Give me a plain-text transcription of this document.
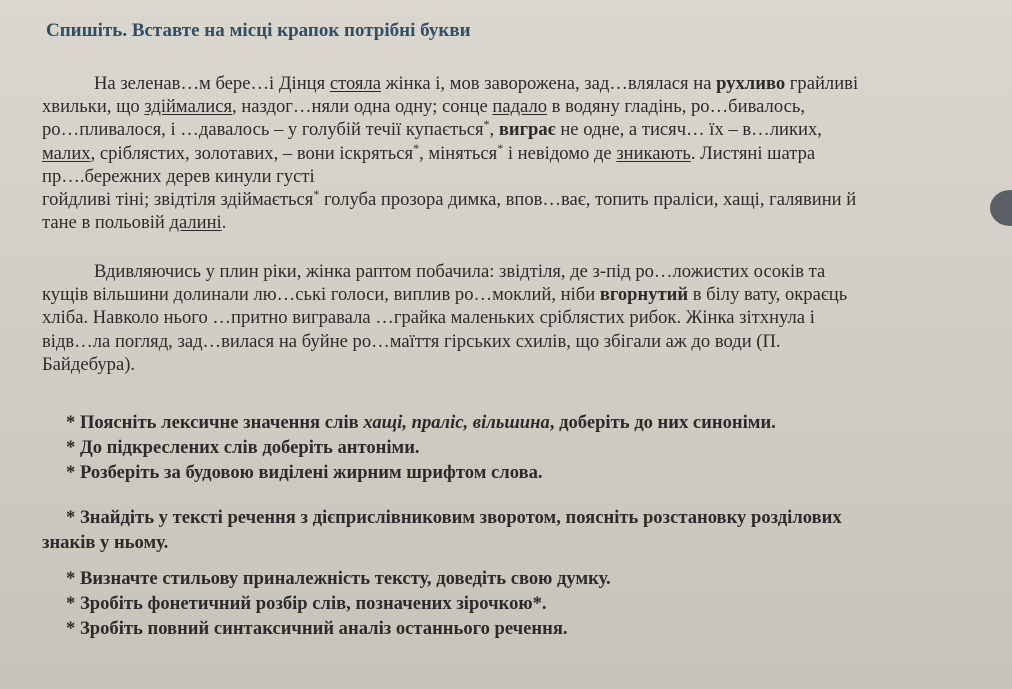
Спишіть. Вставте на місці крапок потрібні букви
На зеленав…м бере…і Дінця стояла жінка і, мов заворожена, зад…влялася на рухливо грайливі
хвильки, що здіймалися, наздог…няли одна одну; сонце падало в водяну гладінь, ро…бивалось,
ро…пливалося, і …давалось – у голубій течії купається*, виграє не одне, а тисяч… їх – в…ликих,
малих, сріблястих, золотавих, – вони іскряться*, міняться* і невідомо де зникають. Листяні шатра
пр….бережних дерев кинули густі
гойдливі тіні; звідтіля здіймається* голуба прозора димка, впов…ває, топить праліси, хащі, галявини й
тане в польовій далині.
Вдивляючись у плин ріки, жінка раптом побачила: звідтіля, де з-під ро…ложистих осоків та
кущів вільшини долинали лю…ські голоси, виплив ро…моклий, ніби вгорнутий в білу вату, окраєць
хліба. Навколо нього …притно вигравала …грайка маленьких сріблястих рибок. Жінка зітхнула і
відв…ла погляд, зад…вилася на буйне ро…маїття гірських схилів, що збігали аж до води (П.
Байдебура).
* Поясніть лексичне значення слів хащі, праліс, вільшина, доберіть до них синоніми.
* До підкреслених слів доберіть антоніми.
* Розберіть за будовою виділені жирним шрифтом слова.
* Знайдіть у тексті речення з дієприслівниковим зворотом, поясніть розстановку розділових
знаків у ньому.
* Визначте стильову приналежність тексту, доведіть свою думку.
* Зробіть фонетичний розбір слів, позначених зірочкою*.
* Зробіть повний синтаксичний аналіз останнього речення.
